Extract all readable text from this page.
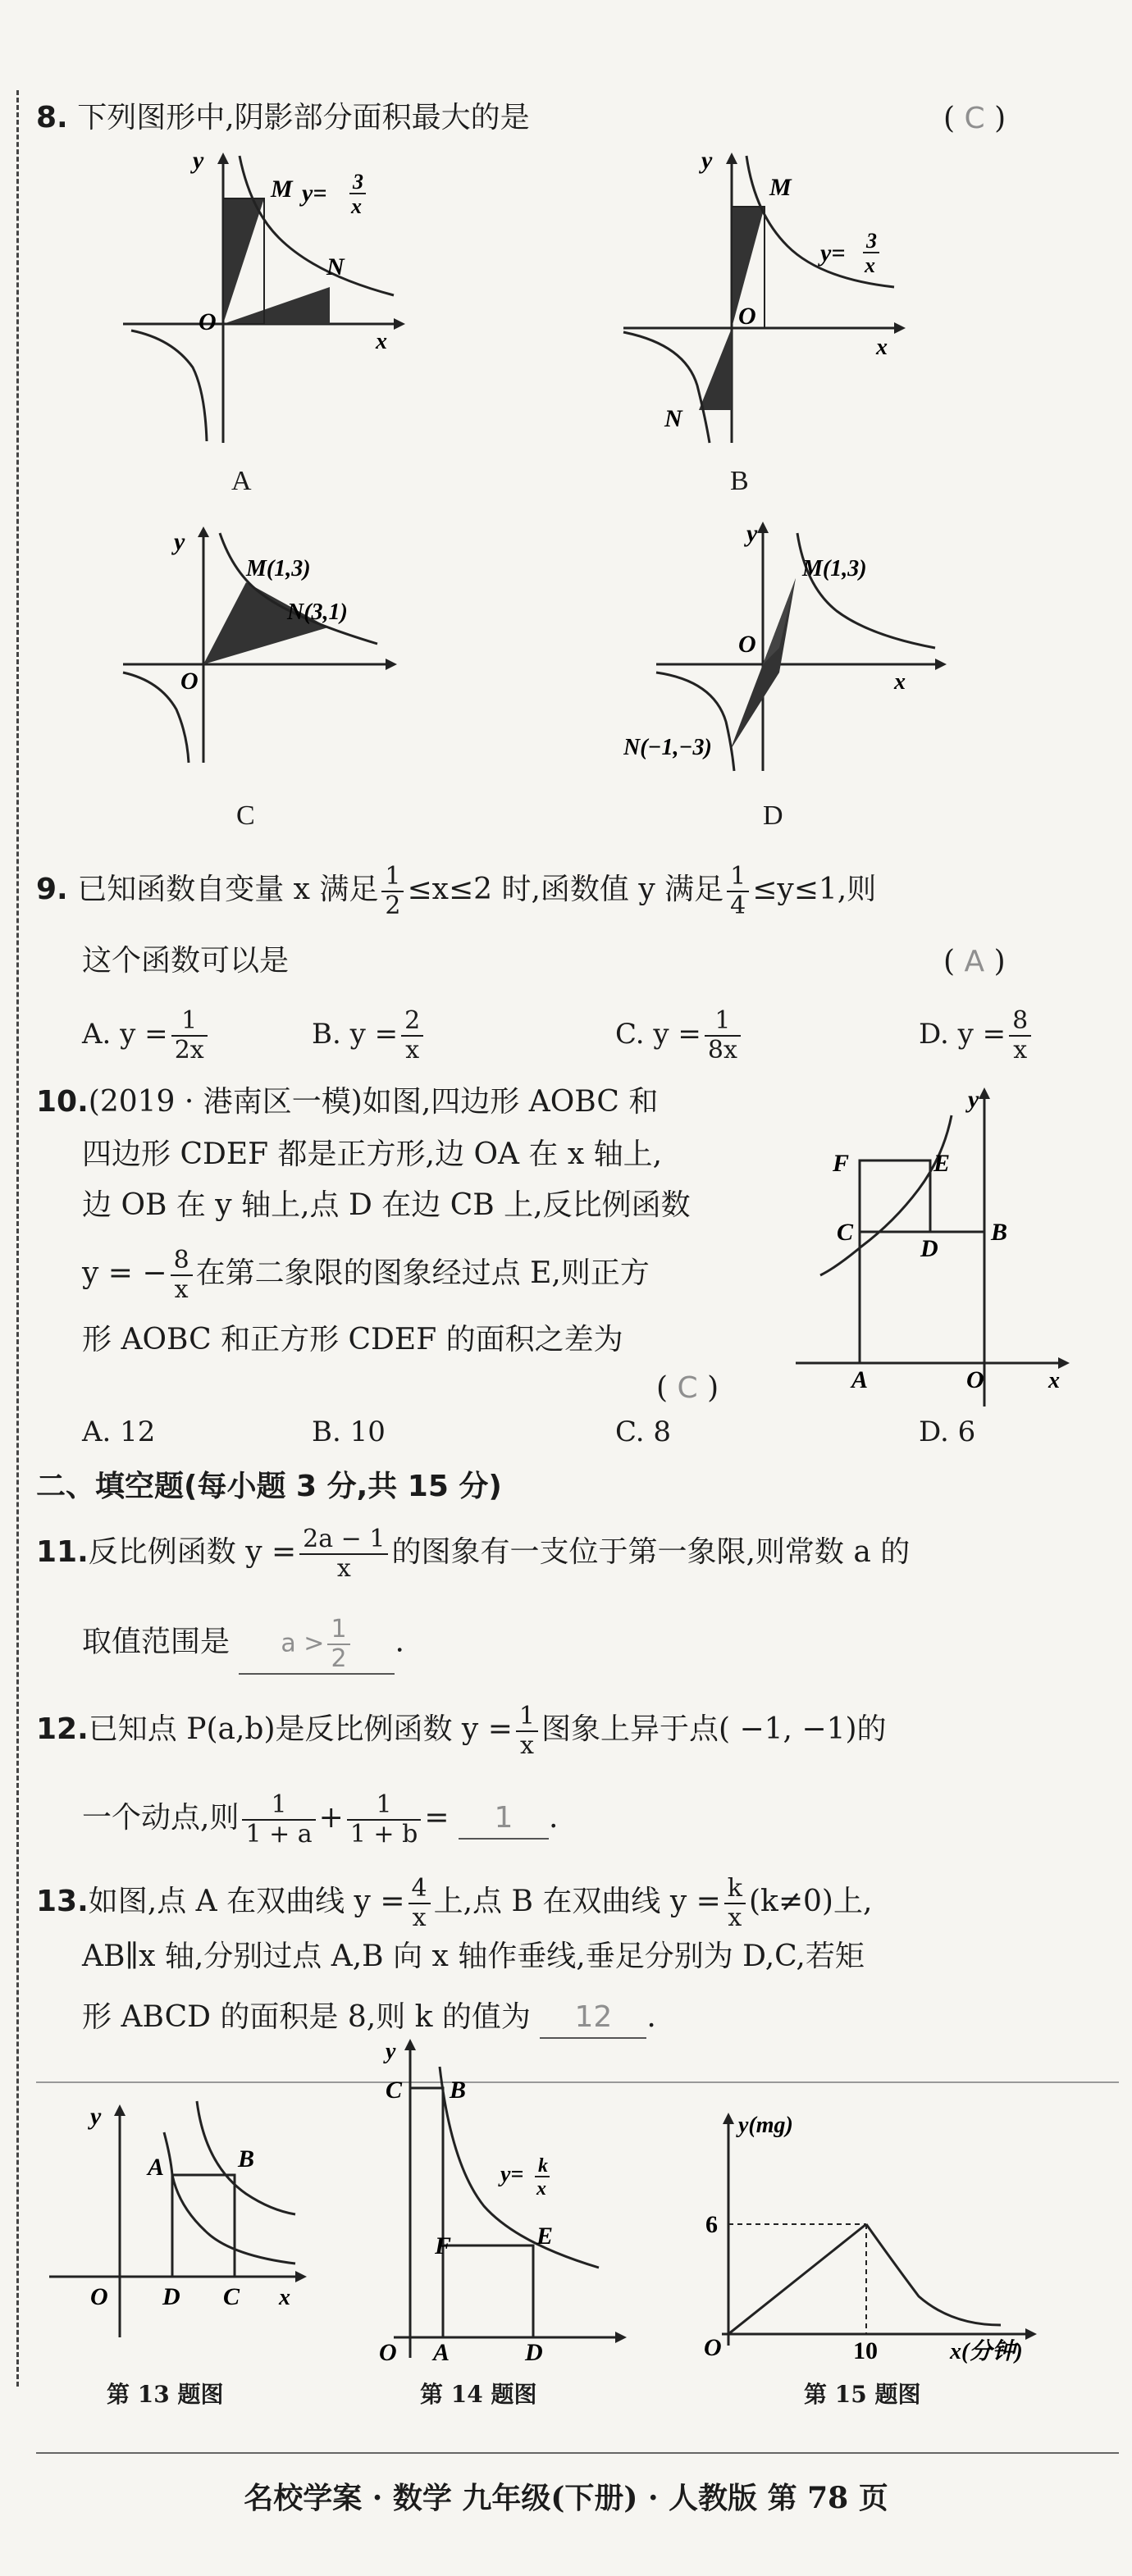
8. 下列图形中,阴影部分面积最大的是	( C )
y
M
N
O
x
y= 3
x
A
y
M
N
O
x
y= 3
x
B
y
M(1,3)
N(3,1)
O
C
y
M(1,3)
N(−1,−3)
O
x
D
9. 已知函数自变量 x 满足 $\frac{1}{2} \le x\le 2$ 时,函数值 y 满足 $\frac{1}{4} \le y\le 1$,则
这个函数可以是	( A )
A. $y = \frac{1}{2x}$	B. $y = \frac{2}{x}$	C. $y = \frac{1}{8x}$	D. $y = \frac{8}{x}$
10.(2019 · 港南区一模)如图,四边形 AOBC 和
四边形 CDEF 都是正方形,边 OA 在 x 轴上,
边 OB 在 y 轴上,点 D 在边 CB 上,反比例函数
y = − $\frac{8}{x}$ 在第二象限的图象经过点 E,则正方
形 AOBC 和正方形 CDEF 的面积之差为
( C )
F	E
C
D
B
A	O	x
y
A. 12	B. 10	C. 8	D. 6
二、填空题(每小题 3 分,共 15 分)
11.反比例函数 $y = \frac{2a - 1}{x}$ 的图象有一支位于第一象限,则常数 a 的
取值范围是 $a > \frac{1}{2}$ .
12.已知点 P(a,b)是反比例函数 $y = \frac{1}{x}$ 图象上异于点( −1, −1)的
一个动点,则 $\frac{1}{1 + a} + \frac{1}{1 + b} = 1$ .
13.如图,点 A 在双曲线 $y = \frac{4}{x}$ 上,点 B 在双曲线 $y = \frac{k}{x} (k\ne 0)$上,
AB∥x 轴,分别过点 A,B 向 x 轴作垂线,垂足分别为 D,C,若矩
形 ABCD 的面积是 8,则 k 的值为 12 .
y
A	B
O D C x
第 13 题图
y
C B
F	E
O A	D
y= k
x
第 14 题图
y(mg)
6
10
O	x(分钟)
第 15 题图
名校学案 · 数学 九年级(下册) · 人教版 第 78 页
